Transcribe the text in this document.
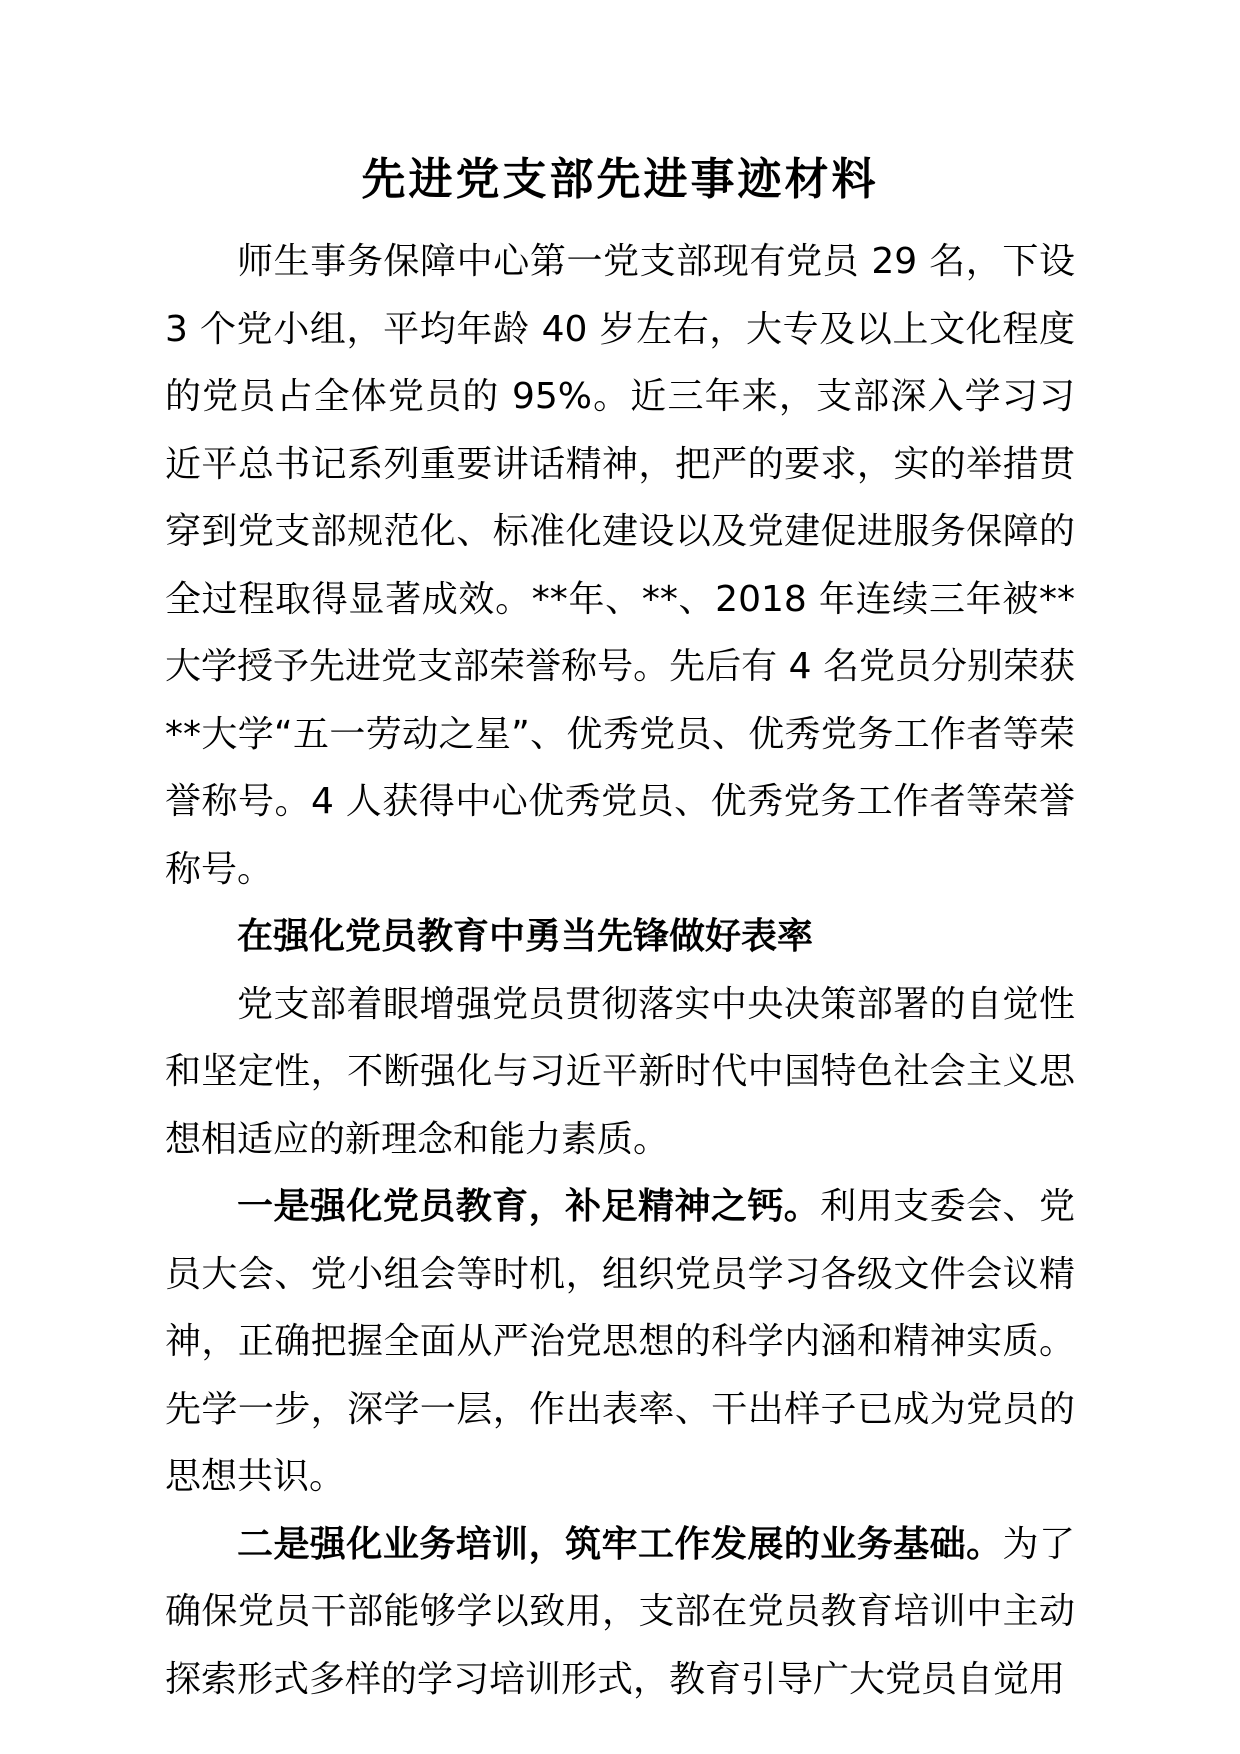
先进党支部先进事迹材料

师生事务保障中心第一党支部现有党员 29 名，下设 3 个党小组，平均年龄 40 岁左右，大专及以上文化程度的党员占全体党员的 95%。近三年来，支部深入学习习近平总书记系列重要讲话精神，把严的要求，实的举措贯穿到党支部规范化、标准化建设以及党建促进服务保障的全过程取得显著成效。**年、**、2018 年连续三年被**大学授予先进党支部荣誉称号。先后有 4 名党员分别荣获**大学“五一劳动之星”、优秀党员、优秀党务工作者等荣誉称号。4 人获得中心优秀党员、优秀党务工作者等荣誉称号。

在强化党员教育中勇当先锋做好表率

党支部着眼增强党员贯彻落实中央决策部署的自觉性和坚定性，不断强化与习近平新时代中国特色社会主义思想相适应的新理念和能力素质。

一是强化党员教育，补足精神之钙。利用支委会、党员大会、党小组会等时机，组织党员学习各级文件会议精神，正确把握全面从严治党思想的科学内涵和精神实质。先学一步，深学一层，作出表率、干出样子已成为党员的思想共识。

二是强化业务培训，筑牢工作发展的业务基础。为了确保党员干部能够学以致用，支部在党员教育培训中主动探索形式多样的学习培训形式，教育引导广大党员自觉用
